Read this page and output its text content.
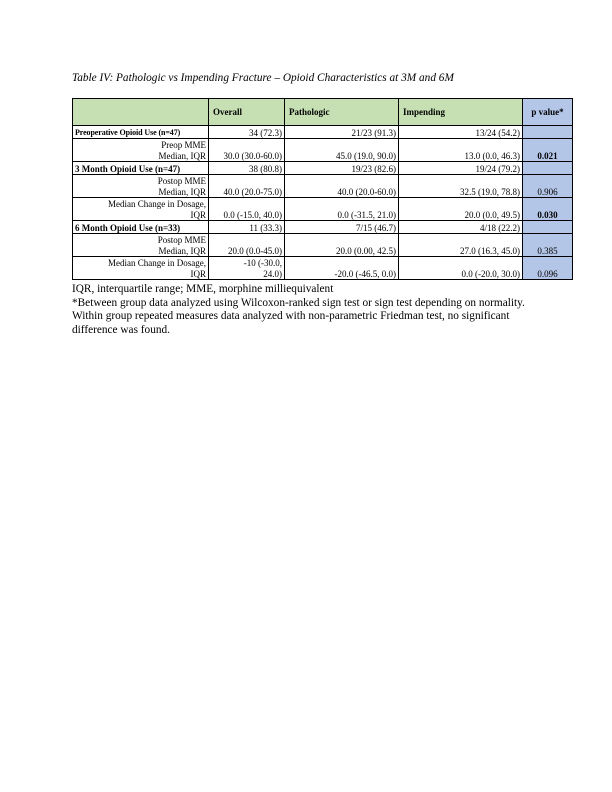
Table IV: Pathologic vs Impending Fracture – Opioid Characteristics at 3M and 6M
	Overall	Pathologic	Impending	p value*
Preoperative Opioid Use (n=47)	34 (72.3)	21/23 (91.3)	13/24 (54.2)	
Preop MME
Median, IQR	30.0 (30.0-60.0)	45.0 (19.0, 90.0)	13.0 (0.0, 46.3)	0.021
3 Month Opioid Use (n=47)	38 (80.8)	19/23 (82.6)	19/24 (79.2)	
Postop MME
Median, IQR	40.0 (20.0-75.0)	40.0 (20.0-60.0)	32.5 (19.0, 78.8)	0.906
Median Change in Dosage,
IQR	0.0 (-15.0, 40.0)	0.0 (-31.5, 21.0)	20.0 (0.0, 49.5)	0.030
6 Month Opioid Use (n=33)	11 (33.3)	7/15 (46.7)	4/18 (22.2)	
Postop MME
Median, IQR	20.0 (0.0-45.0)	20.0 (0.00, 42.5)	27.0 (16.3, 45.0)	0.385
Median Change in Dosage,
IQR	-10 (-30.0,
24.0)	-20.0 (-46.5, 0.0)	0.0 (-20.0, 30.0)	0.096

IQR, interquartile range; MME, morphine milliequivalent

*Between group data analyzed using Wilcoxon-ranked sign test or sign test depending on normality. Within group repeated measures data analyzed with non-parametric Friedman test, no significant difference was found.
